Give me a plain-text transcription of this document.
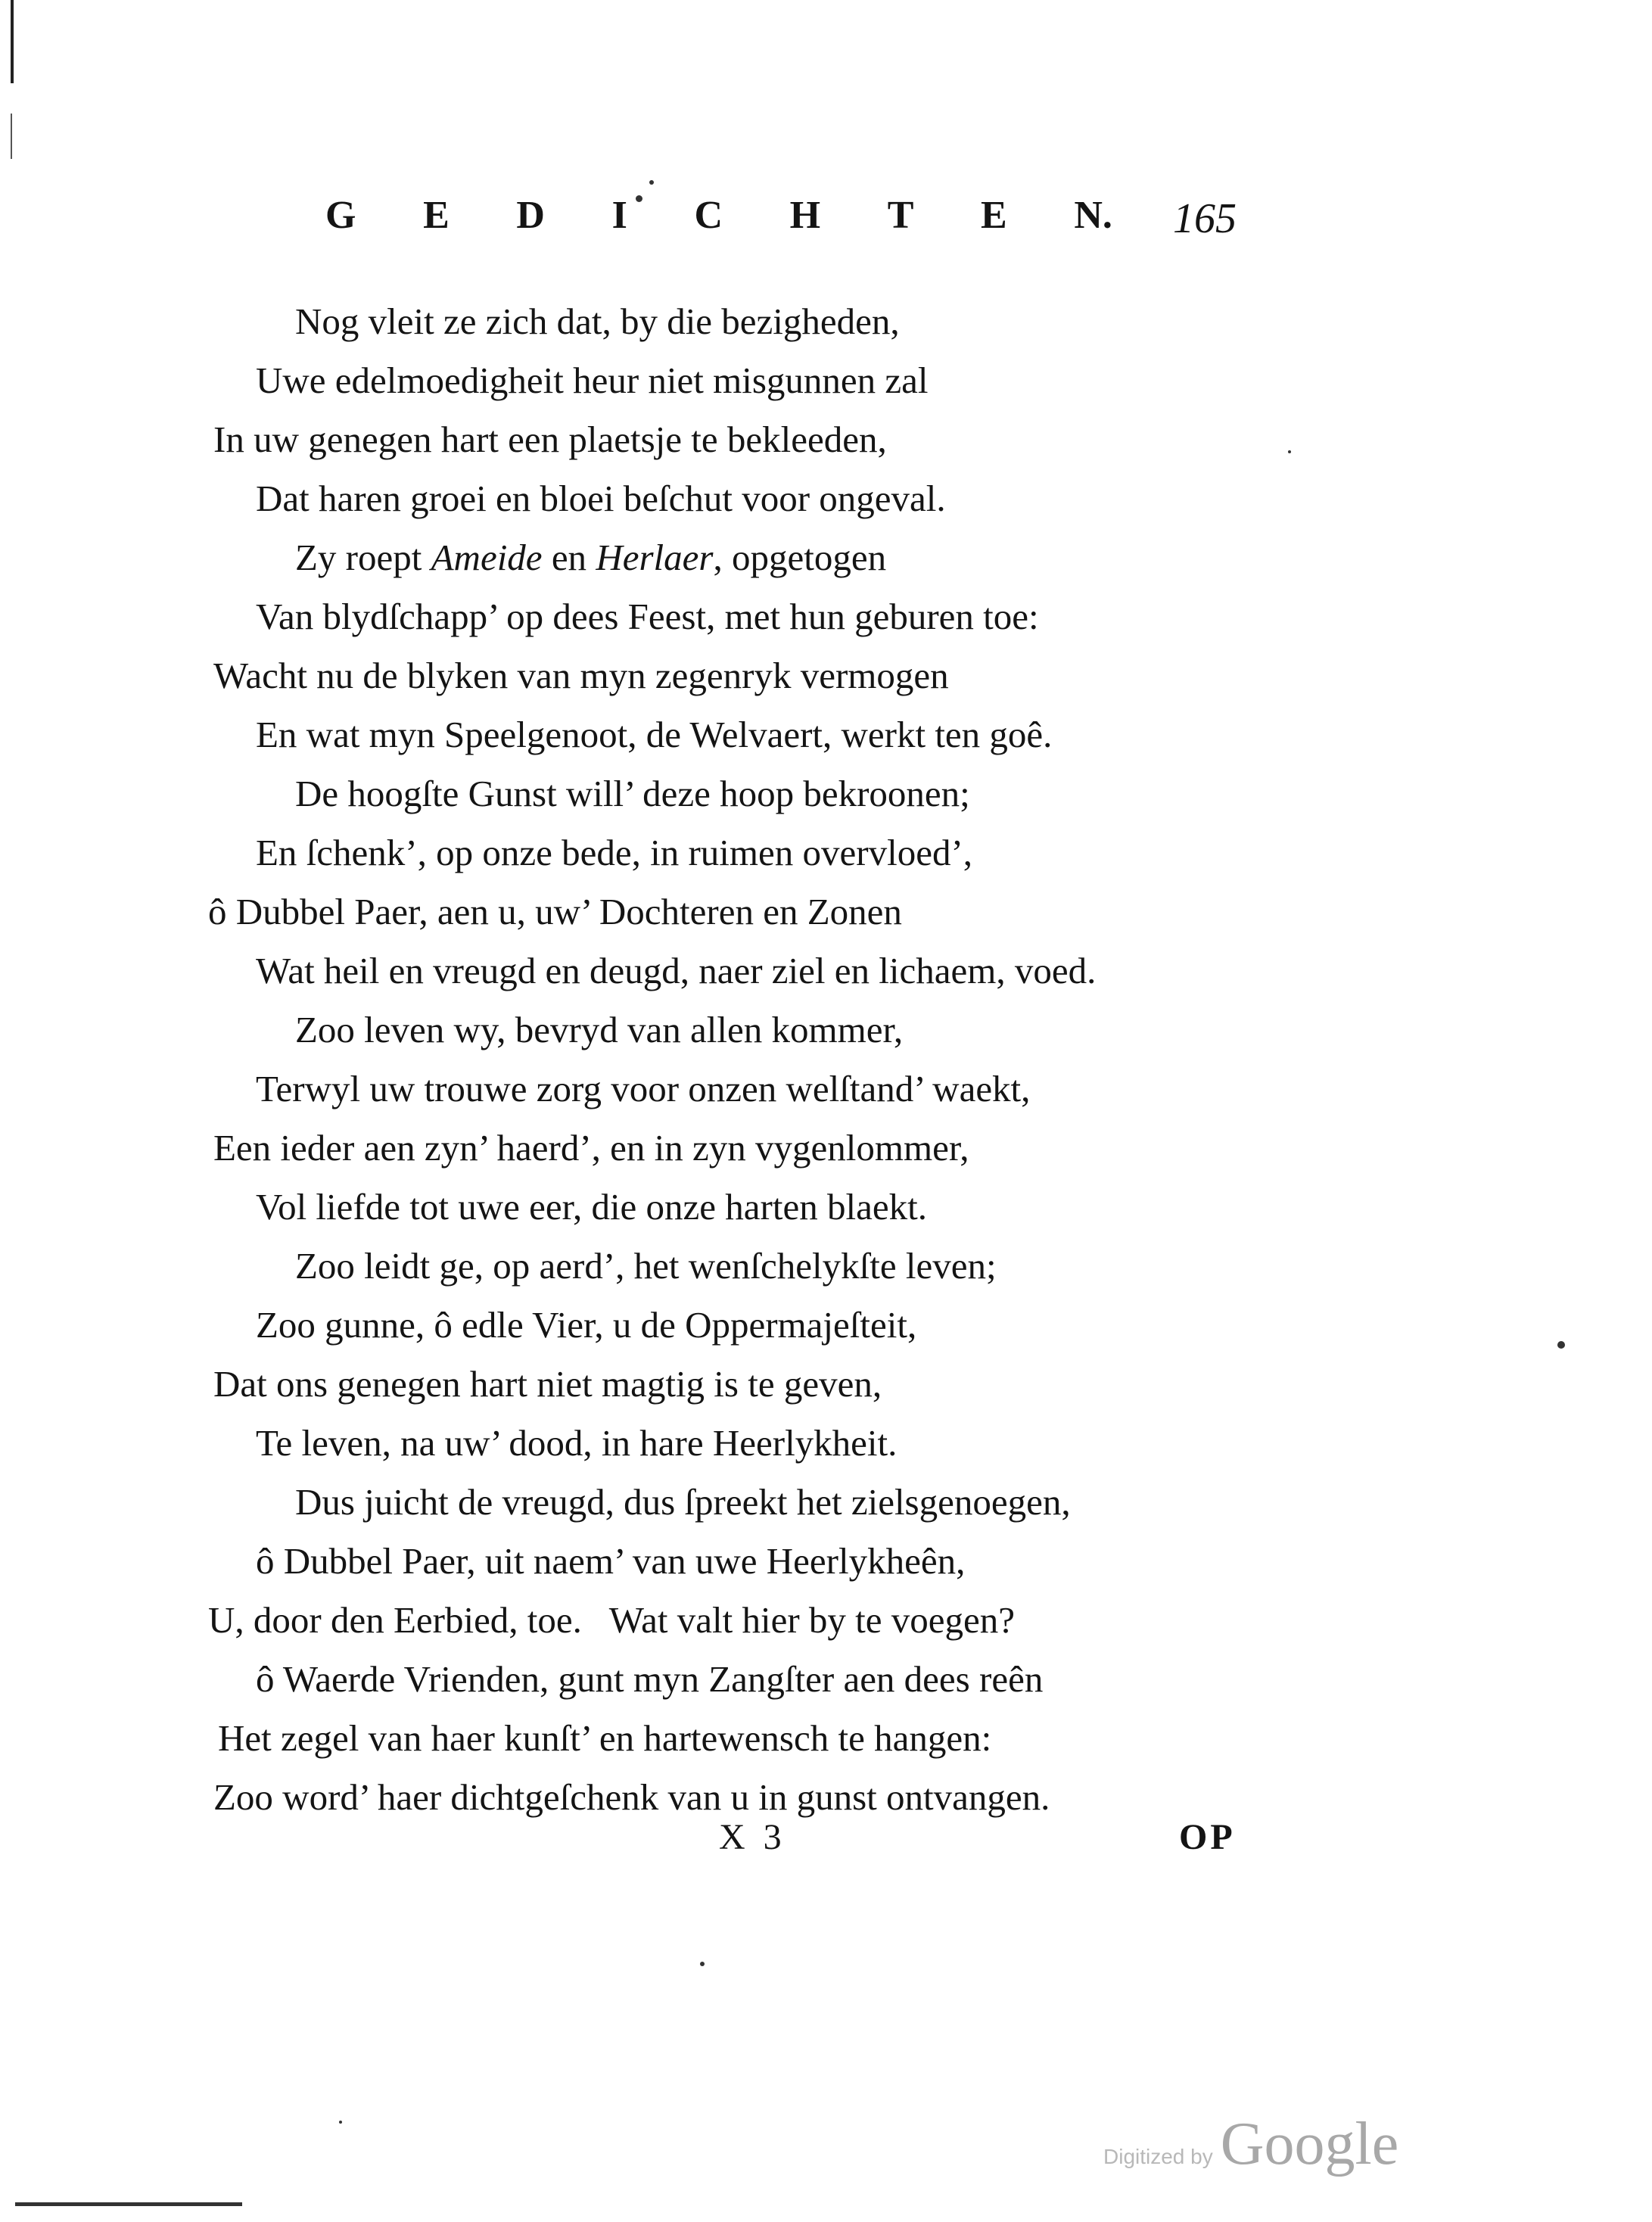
G E D I C H T E N. 165
Nog vleit ze zich dat, by die bezigheden,
Uwe edelmoedigheit heur niet misgunnen zal
In uw genegen hart een plaetsje te bekleeden,
Dat haren groei en bloei beſchut voor ongeval.
Zy roept Ameide en Herlaer, opgetogen
Van blydſchapp’ op dees Feest, met hun geburen toe:
Wacht nu de blyken van myn zegenryk vermogen
En wat myn Speelgenoot, de Welvaert, werkt ten goê.
De hoogſte Gunst will’ deze hoop bekroonen;
En ſchenk’, op onze bede, in ruimen overvloed’,
ô Dubbel Paer, aen u, uw’ Dochteren en Zonen
Wat heil en vreugd en deugd, naer ziel en lichaem, voed.
Zoo leven wy, bevryd van allen kommer,
Terwyl uw trouwe zorg voor onzen welſtand’ waekt,
Een ieder aen zyn’ haerd’, en in zyn vygenlommer,
Vol liefde tot uwe eer, die onze harten blaekt.
Zoo leidt ge, op aerd’, het wenſchelykſte leven;
Zoo gunne, ô edle Vier, u de Oppermajeſteit,
Dat ons genegen hart niet magtig is te geven,
Te leven, na uw’ dood, in hare Heerlykheit.
Dus juicht de vreugd, dus ſpreekt het zielsgenoegen,
ô Dubbel Paer, uit naem’ van uwe Heerlykheên,
U, door den Eerbied, toe.   Wat valt hier by te voegen?
ô Waerde Vrienden, gunt myn Zangſter aen dees reên
Het zegel van haer kunſt’ en hartewensch te hangen:
Zoo word’ haer dichtgeſchenk van u in gunst ontvangen.
X 3	OP
Digitized by Google
